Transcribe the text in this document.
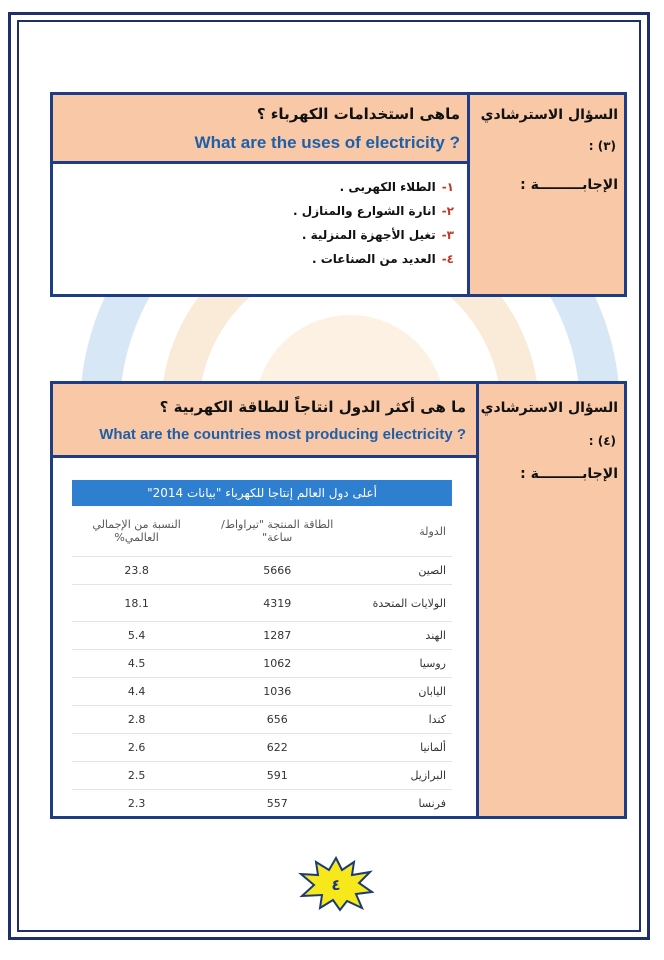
السؤال الاسترشادي
: (٣)
الإجابـــــــــة :
ماهى استخدامات الكهرباء ؟
What are the uses of electricity ?
١-الطلاء الكهربى .
٢-انارة الشوارع والمنازل .
٣-تغيل الأجهزة المنزلية .
٤-العديد من الصناعات .
السؤال الاسترشادي
: (٤)
الإجابـــــــــة :
ما هى أكثر الدول انتاجاً للطاقة الكهربية ؟
What are the countries most producing electricity ?
أعلى دول العالم إنتاجا للكهرباء "بيانات 2014"
الدولة	الطاقة المنتجة "تيراواط/ساعة"	النسبة من الإجمالي العالمي%
الصين	5666	23.8
الولايات المتحدة	4319	18.1
الهند	1287	5.4
روسيا	1062	4.5
اليابان	1036	4.4
كندا	656	2.8
ألمانيا	622	2.6
البرازيل	591	2.5
فرنسا	557	2.3
٤
